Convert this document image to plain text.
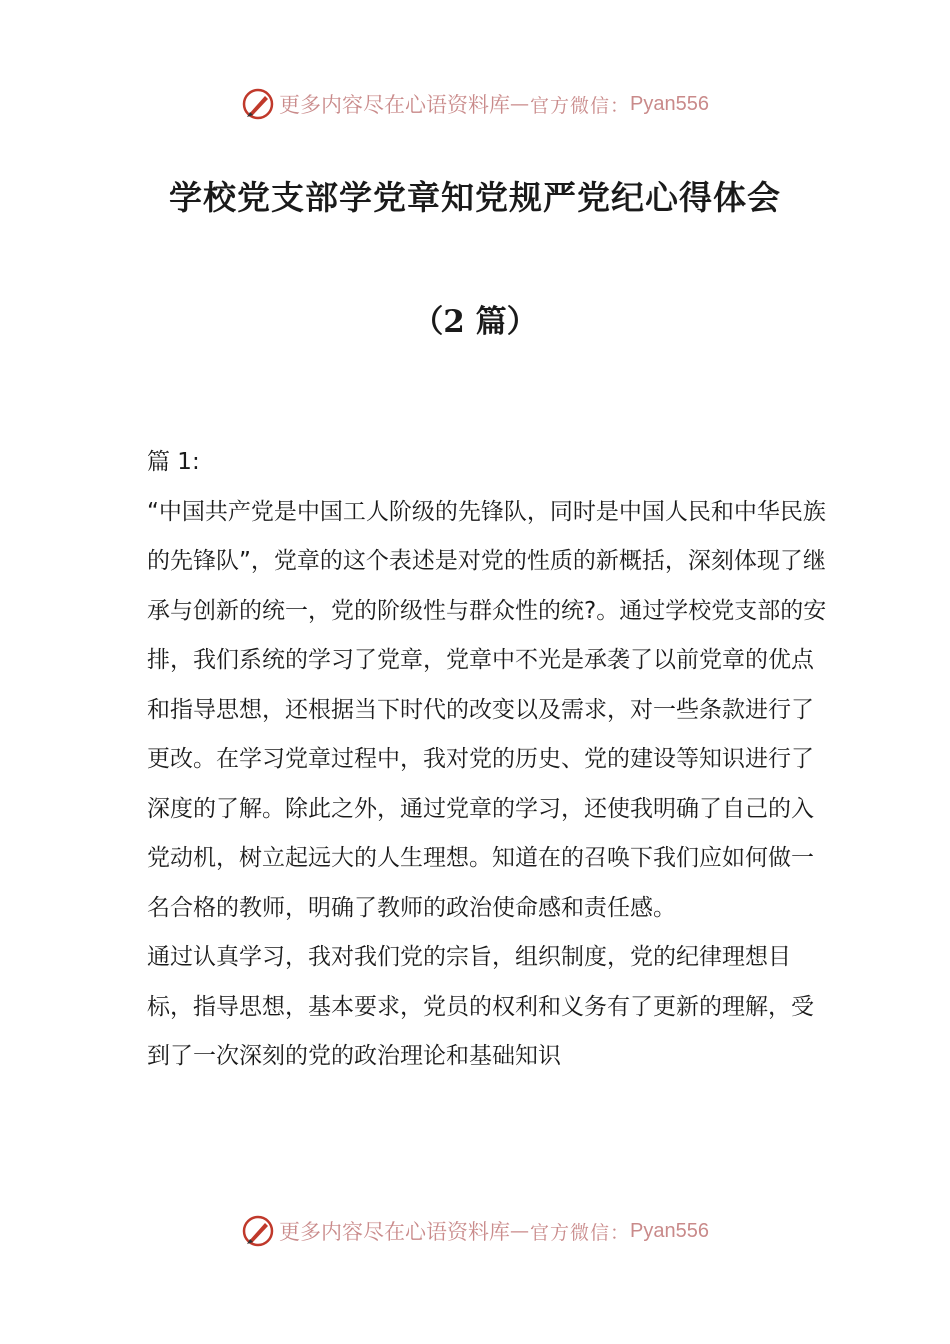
更多内容尽在心语资料库 — 官方微信： Pyan556
学校党支部学党章知党规严党纪心得体会
（2 篇）

篇 1:

“中国共产党是中国工人阶级的先锋队，同时是中国人民和中华民族的先锋队”，党章的这个表述是对党的性质的新概括，深刻体现了继承与创新的统一，党的阶级性与群众性的统?。通过学校党支部的安排，我们系统的学习了党章，党章中不光是承袭了以前党章的优点和指导思想，还根据当下时代的改变以及需求，对一些条款进行了更改。在学习党章过程中，我对党的历史、党的建设等知识进行了深度的了解。除此之外，通过党章的学习，还使我明确了自己的入党动机，树立起远大的人生理想。知道在的召唤下我们应如何做一名合格的教师，明确了教师的政治使命感和责任感。

通过认真学习，我对我们党的宗旨，组织制度，党的纪律理想目标，指导思想，基本要求，党员的权利和义务有了更新的理解，受到了一次深刻的党的政治理论和基础知识

更多内容尽在心语资料库 — 官方微信： Pyan556
